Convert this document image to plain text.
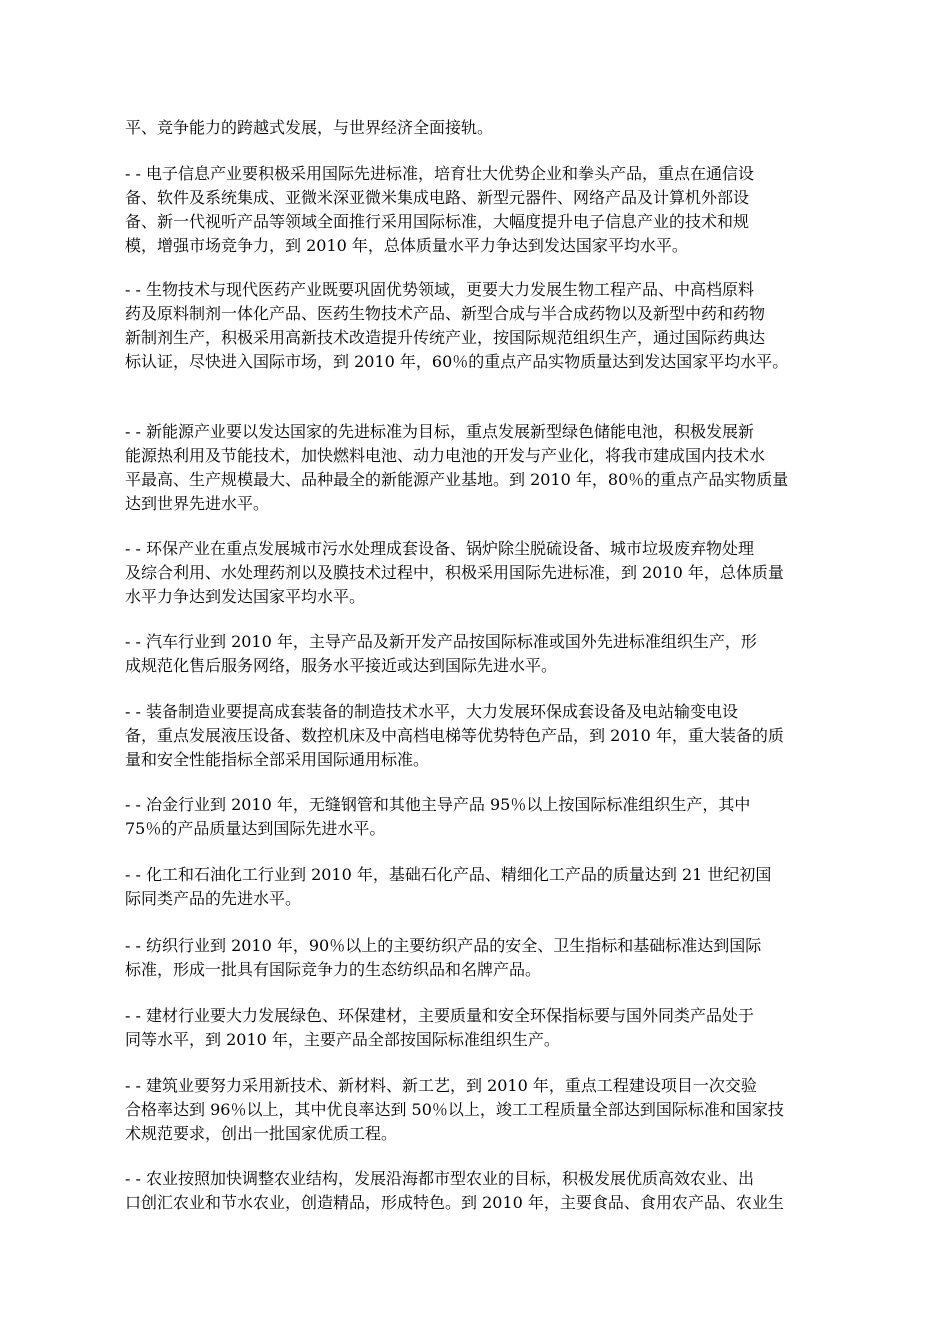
平、竞争能力的跨越式发展，与世界经济全面接轨。
- - 电子信息产业要积极采用国际先进标准，培育壮大优势企业和拳头产品，重点在通信设
备、软件及系统集成、亚微米深亚微米集成电路、新型元器件、网络产品及计算机外部设
备、新一代视听产品等领域全面推行采用国际标准，大幅度提升电子信息产业的技术和规
模，增强市场竞争力，到 2010 年，总体质量水平力争达到发达国家平均水平。
- - 生物技术与现代医药产业既要巩固优势领域，更要大力发展生物工程产品、中高档原料
药及原料制剂一体化产品、医药生物技术产品、新型合成与半合成药物以及新型中药和药物
新制剂生产，积极采用高新技术改造提升传统产业，按国际规范组织生产，通过国际药典达
标认证，尽快进入国际市场，到 2010 年，60％的重点产品实物质量达到发达国家平均水平。
- - 新能源产业要以发达国家的先进标准为目标，重点发展新型绿色储能电池，积极发展新
能源热利用及节能技术，加快燃料电池、动力电池的开发与产业化，将我市建成国内技术水
平最高、生产规模最大、品种最全的新能源产业基地。到 2010 年，80％的重点产品实物质量
达到世界先进水平。
- - 环保产业在重点发展城市污水处理成套设备、锅炉除尘脱硫设备、城市垃圾废弃物处理
及综合利用、水处理药剂以及膜技术过程中，积极采用国际先进标准，到 2010 年，总体质量
水平力争达到发达国家平均水平。
- - 汽车行业到 2010 年，主导产品及新开发产品按国际标准或国外先进标准组织生产，形
成规范化售后服务网络，服务水平接近或达到国际先进水平。
- - 装备制造业要提高成套装备的制造技术水平，大力发展环保成套设备及电站输变电设
备，重点发展液压设备、数控机床及中高档电梯等优势特色产品，到 2010 年，重大装备的质
量和安全性能指标全部采用国际通用标准。
- - 冶金行业到 2010 年，无缝钢管和其他主导产品 95％以上按国际标准组织生产，其中
75％的产品质量达到国际先进水平。
- - 化工和石油化工行业到 2010 年，基础石化产品、精细化工产品的质量达到 21 世纪初国
际同类产品的先进水平。
- - 纺织行业到 2010 年，90％以上的主要纺织产品的安全、卫生指标和基础标准达到国际
标准，形成一批具有国际竞争力的生态纺织品和名牌产品。
- - 建材行业要大力发展绿色、环保建材，主要质量和安全环保指标要与国外同类产品处于
同等水平，到 2010 年，主要产品全部按国际标准组织生产。
- - 建筑业要努力采用新技术、新材料、新工艺，到 2010 年，重点工程建设项目一次交验
合格率达到 96％以上，其中优良率达到 50％以上，竣工工程质量全部达到国际标准和国家技
术规范要求，创出一批国家优质工程。
- - 农业按照加快调整农业结构，发展沿海都市型农业的目标，积极发展优质高效农业、出
口创汇农业和节水农业，创造精品，形成特色。到 2010 年，主要食品、食用农产品、农业生
